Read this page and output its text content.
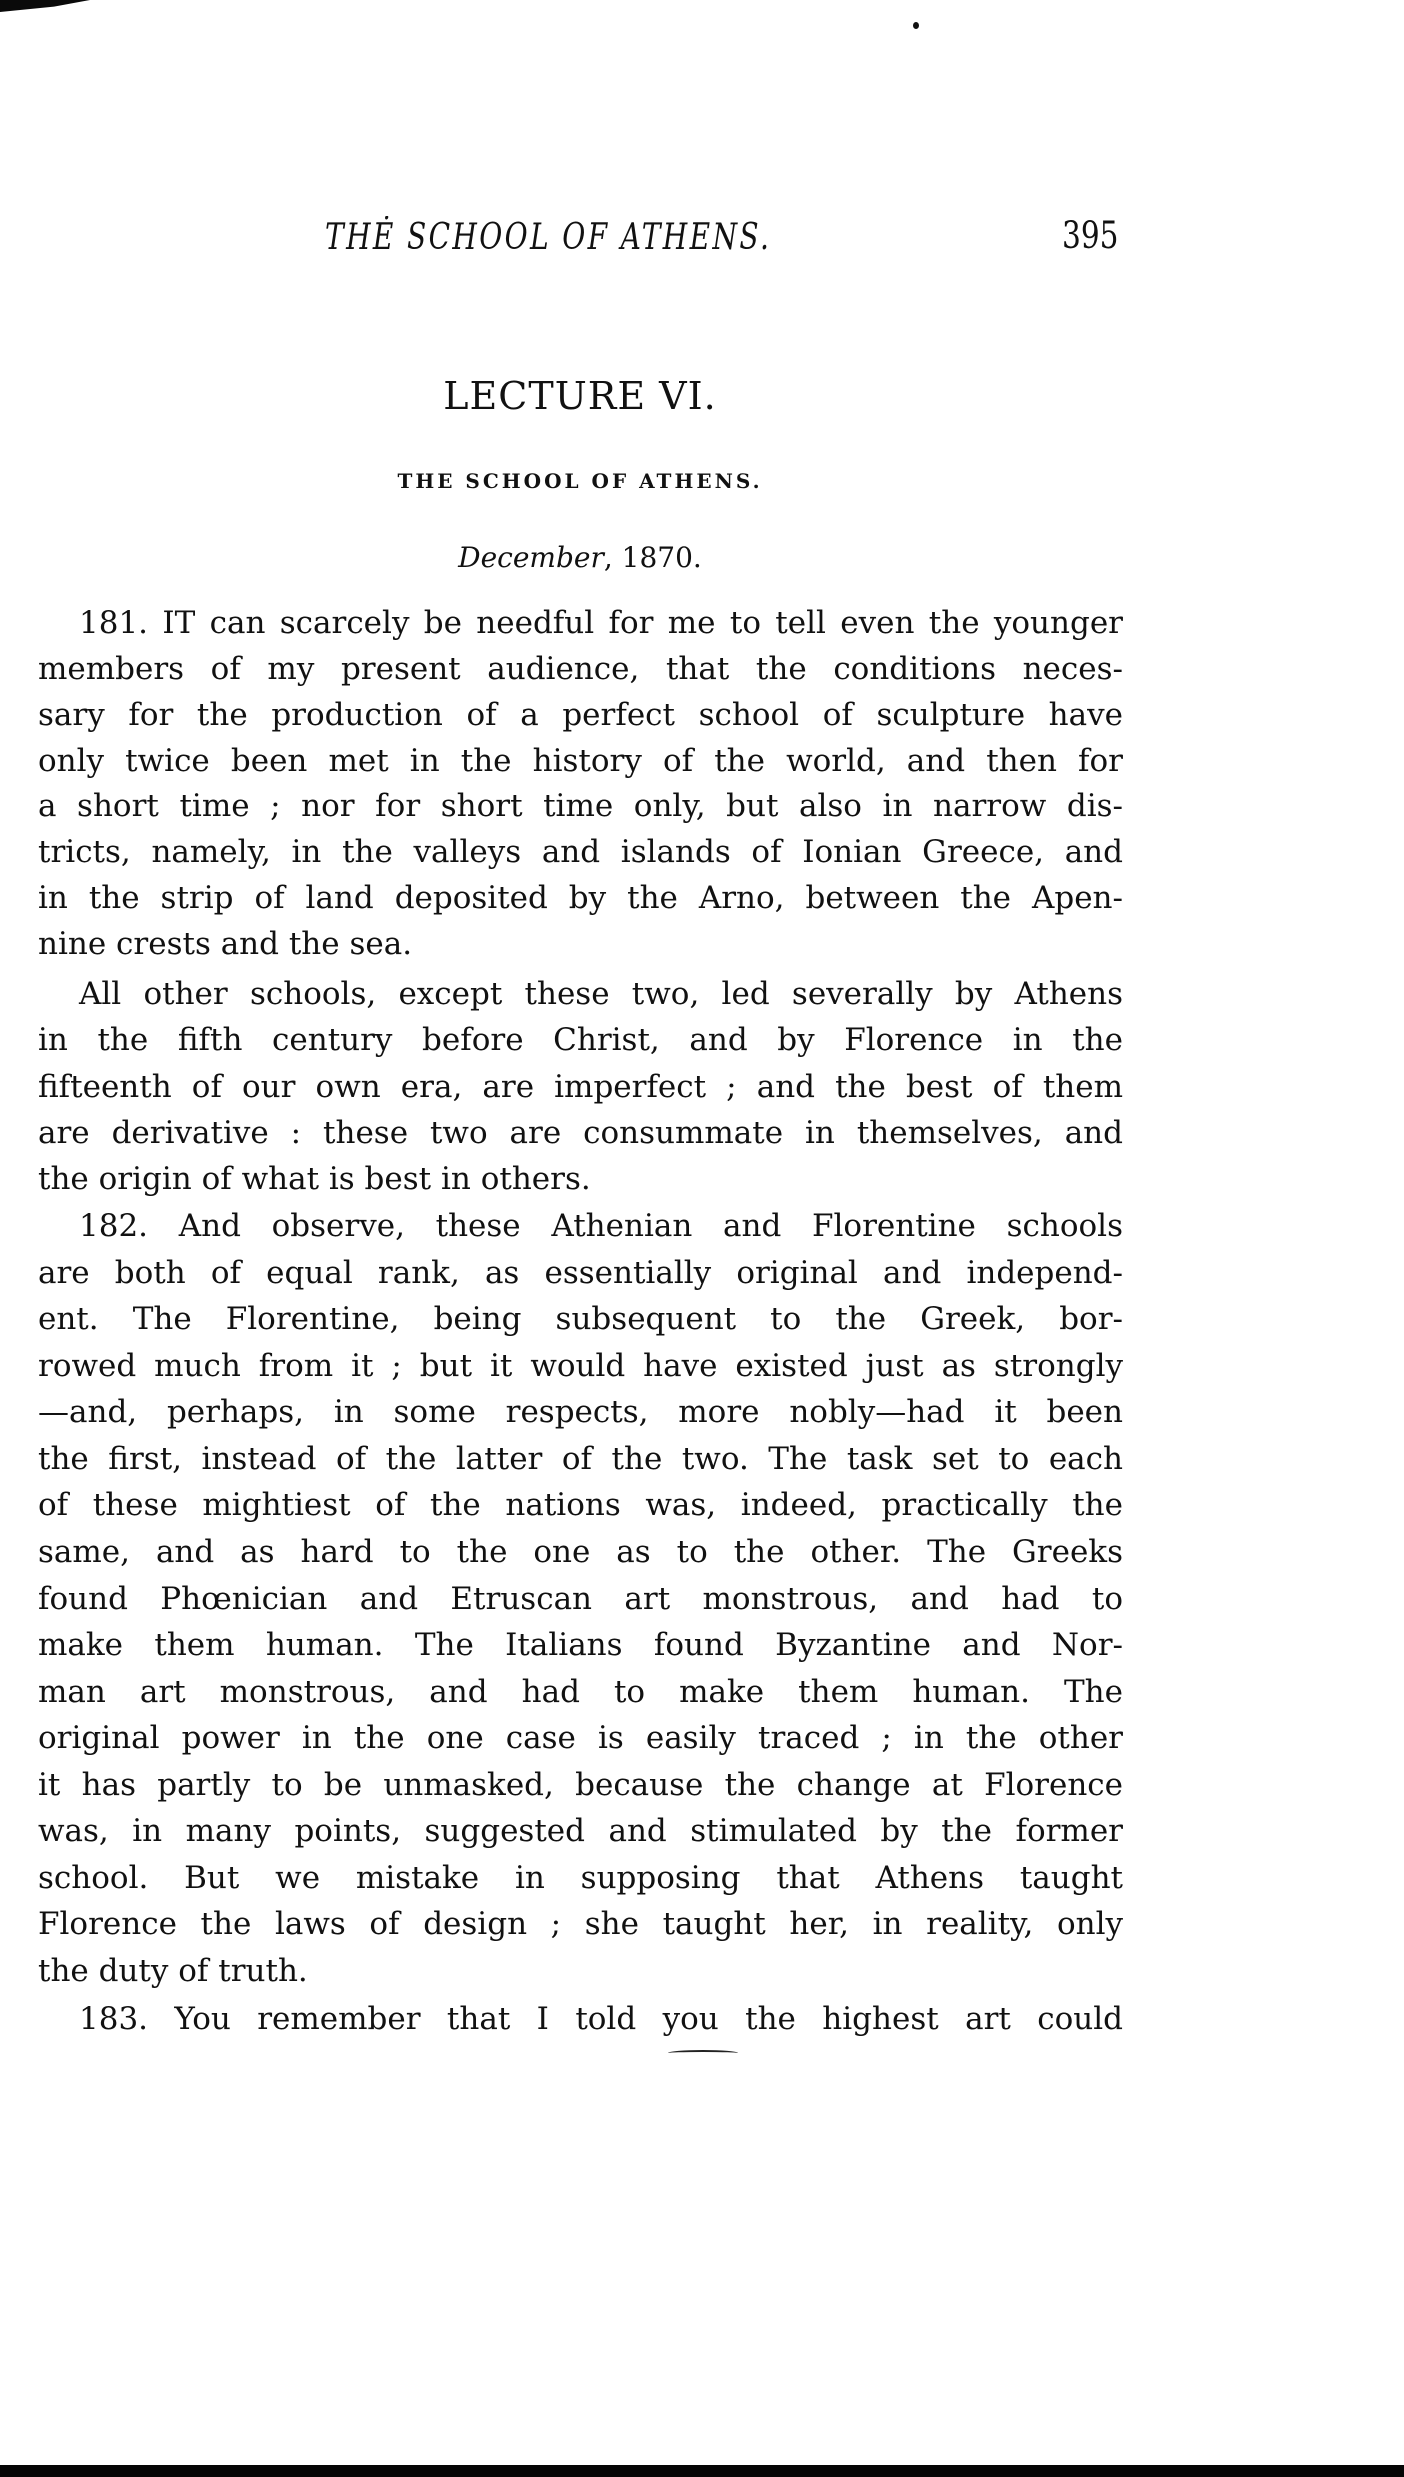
THĖ SCHOOL OF ATHENS.	395
LECTURE VI.
THE SCHOOL OF ATHENS.
December, 1870.
181. IT can scarcely be needful for me to tell even the younger
members of my present audience, that the conditions neces-
sary for the production of a perfect school of sculpture have
only twice been met in the history of the world, and then for
a short time ; nor for short time only, but also in narrow dis-
tricts, namely, in the valleys and islands of Ionian Greece, and
in the strip of land deposited by the Arno, between the Apen-
nine crests and the sea.
All other schools, except these two, led severally by Athens
in the fifth century before Christ, and by Florence in the
fifteenth of our own era, are imperfect ; and the best of them
are derivative : these two are consummate in themselves, and
the origin of what is best in others.
182. And observe, these Athenian and Florentine schools
are both of equal rank, as essentially original and independ-
ent. The Florentine, being subsequent to the Greek, bor-
rowed much from it ; but it would have existed just as strongly
—and, perhaps, in some respects, more nobly—had it been
the first, instead of the latter of the two. The task set to each
of these mightiest of the nations was, indeed, practically the
same, and as hard to the one as to the other. The Greeks
found Phœnician and Etruscan art monstrous, and had to
make them human. The Italians found Byzantine and Nor-
man art monstrous, and had to make them human. The
original power in the one case is easily traced ; in the other
it has partly to be unmasked, because the change at Florence
was, in many points, suggested and stimulated by the former
school. But we mistake in supposing that Athens taught
Florence the laws of design ; she taught her, in reality, only
the duty of truth.
183. You remember that I told you the highest art could
